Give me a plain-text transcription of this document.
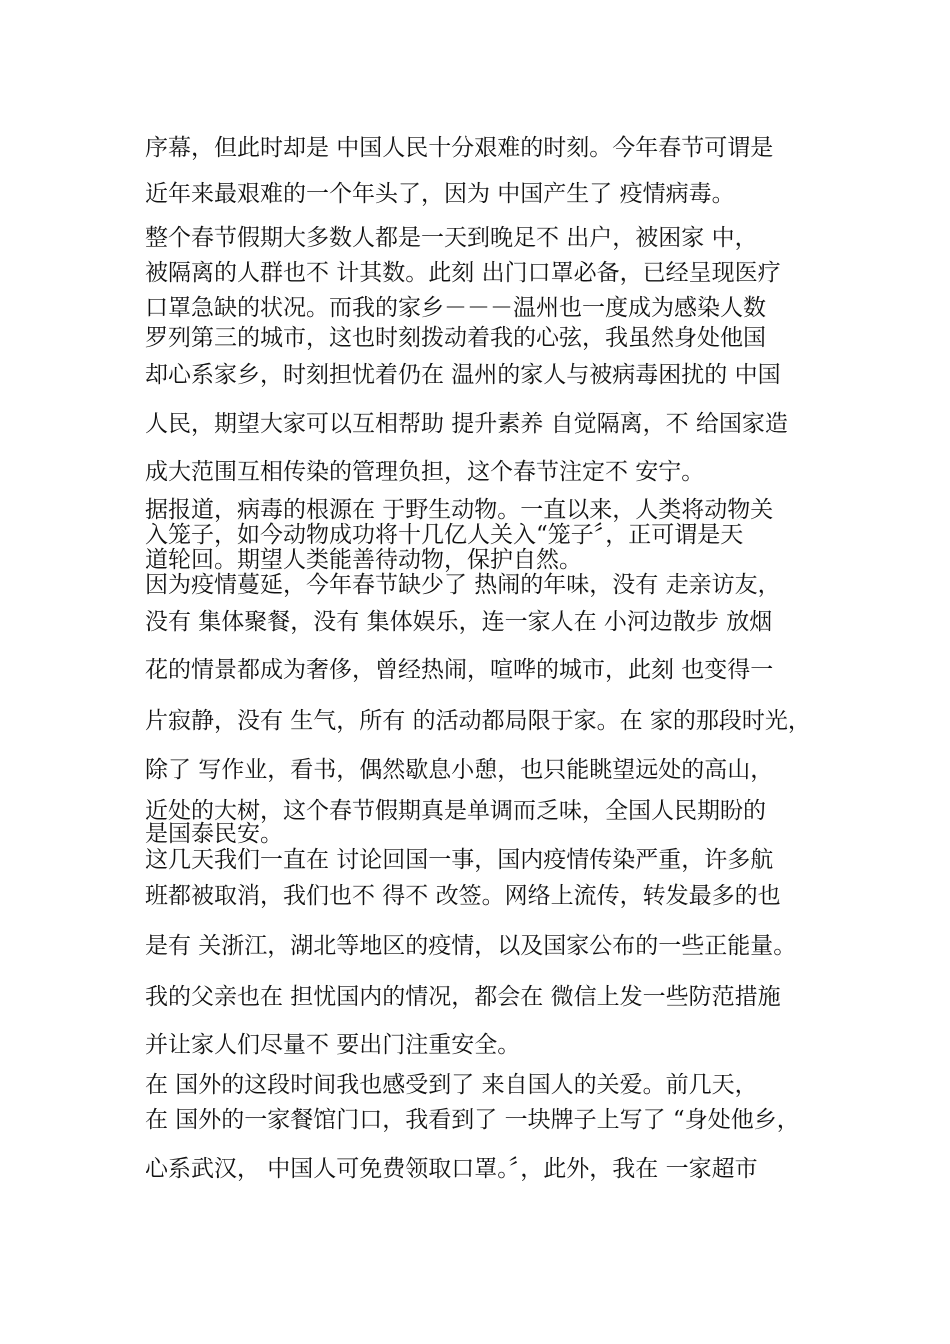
序幕，但此时却是 中国人民十分艰难的时刻。今年春节可谓是
近年来最艰难的一个年头了，因为 中国产生了 疫情病毒。
整个春节假期大多数人都是一天到晚足不 出户，被困家 中，
被隔离的人群也不 计其数。此刻 出门口罩必备，已经呈现医疗
口罩急缺的状况。而我的家乡－－－温州也一度成为感染人数
罗列第三的城市，这也时刻拨动着我的心弦，我虽然身处他国
却心系家乡，时刻担忧着仍在 温州的家人与被病毒困扰的 中国
人民，期望大家可以互相帮助 提升素养 自觉隔离，不 给国家造
成大范围互相传染的管理负担，这个春节注定不 安宁。
据报道，病毒的根源在 于野生动物。一直以来，人类将动物关
入笼子，如今动物成功将十几亿人关入“笼子〞，正可谓是天
道轮回。期望人类能善待动物，保护自然。
因为疫情蔓延，今年春节缺少了 热闹的年味，没有 走亲访友，
没有 集体聚餐，没有 集体娱乐，连一家人在 小河边散步 放烟
花的情景都成为奢侈，曾经热闹，喧哗的城市，此刻 也变得一
片寂静，没有 生气，所有 的活动都局限于家。在 家的那段时光，
除了 写作业，看书，偶然歇息小憩，也只能眺望远处的高山，
近处的大树，这个春节假期真是单调而乏味，全国人民期盼的
是国泰民安。
这几天我们一直在 讨论回国一事，国内疫情传染严重，许多航
班都被取消，我们也不 得不 改签。网络上流传，转发最多的也
是有 关浙江，湖北等地区的疫情，以及国家公布的一些正能量。
我的父亲也在 担忧国内的情况，都会在 微信上发一些防范措施
并让家人们尽量不 要出门注重安全。
在 国外的这段时间我也感受到了 来自国人的关爱。前几天，
在 国外的一家餐馆门口，我看到了 一块牌子上写了 “身处他乡，
心系武汉， 中国人可免费领取口罩。〞，此外，我在 一家超市
